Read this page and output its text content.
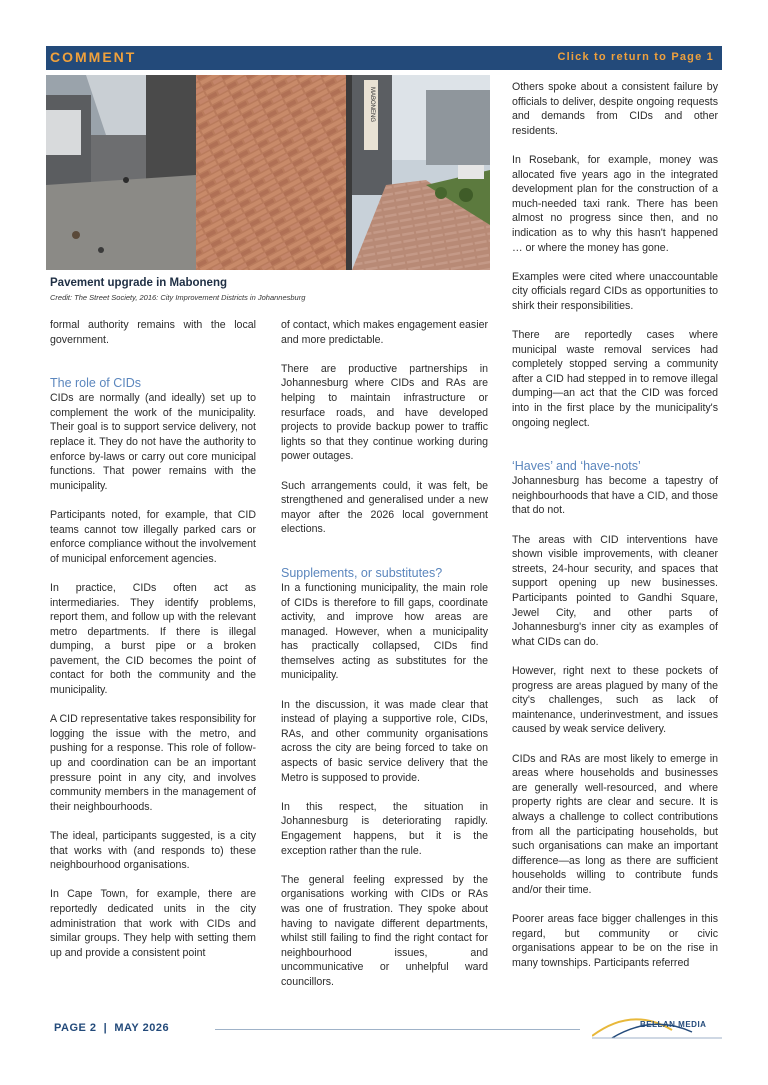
COMMENT	Click to return to Page 1
MABONENG
Pavement upgrade in Maboneng
Credit: The Street Society, 2016: City Improvement Districts in Johannesburg

formal authority remains with the local government.

The role of CIDs

CIDs are normally (and ideally) set up to complement the work of the municipality. Their goal is to support service delivery, not replace it. They do not have the authority to enforce by-laws or carry out core municipal functions. That power remains with the municipality.

Participants noted, for example, that CID teams cannot tow illegally parked cars or enforce compliance without the involvement of municipal enforcement agencies.

In practice, CIDs often act as intermediaries. They identify problems, report them, and follow up with the relevant metro departments. If there is illegal dumping, a burst pipe or a broken pavement, the CID becomes the point of contact for both the community and the municipality.

A CID representative takes responsibility for logging the issue with the metro, and pushing for a response. This role of follow-up and coordination can be an important pressure point in any city, and involves community members in the management of their neighbourhoods.

The ideal, participants suggested, is a city that works with (and responds to) these neighbourhood organisations.

In Cape Town, for example, there are reportedly dedicated units in the city administration that work with CIDs and similar groups. They help with setting them up and provide a consistent point

of contact, which makes engagement easier and more predictable.

There are productive partnerships in Johannesburg where CIDs and RAs are helping to maintain infrastructure or resurface roads, and have developed projects to provide backup power to traffic lights so that they continue working during power outages.

Such arrangements could, it was felt, be strengthened and generalised under a new mayor after the 2026 local government elections.

Supplements, or substitutes?

In a functioning municipality, the main role of CIDs is therefore to fill gaps, coordinate activity, and improve how areas are managed. However, when a municipality has practically collapsed, CIDs find themselves acting as substitutes for the municipality.

In the discussion, it was made clear that instead of playing a supportive role, CIDs, RAs, and other community organisations across the city are being forced to take on aspects of basic service delivery that the Metro is supposed to provide.

In this respect, the situation in Johannesburg is deteriorating rapidly. Engagement happens, but it is the exception rather than the rule.

The general feeling expressed by the organisations working with CIDs or RAs was one of frustration. They spoke about having to navigate different departments, whilst still failing to find the right contact for neighbourhood issues, and uncommunicative or unhelpful ward councillors.

Others spoke about a consistent failure by officials to deliver, despite ongoing requests and demands from CIDs and other residents.

In Rosebank, for example, money was allocated five years ago in the integrated development plan for the construction of a much-needed taxi rank. There has been almost no progress since then, and no indication as to why this hasn't happened … or where the money has gone.

Examples were cited where unaccountable city officials regard CIDs as opportunities to shirk their responsibilities.

There are reportedly cases where municipal waste removal services had completely stopped serving a community after a CID had stepped in to remove illegal dumping—an act that the CID was forced into in the first place by the municipality's ongoing neglect.

‘Haves’ and ‘have-nots’

Johannesburg has become a tapestry of neighbourhoods that have a CID, and those that do not.

The areas with CID interventions have shown visible improvements, with cleaner streets, 24-hour security, and spaces that support opening up new businesses. Participants pointed to Gandhi Square, Jewel City, and other parts of Johannesburg's inner city as examples of what CIDs can do.

However, right next to these pockets of progress are areas plagued by many of the city's challenges, such as lack of maintenance, underinvestment, and issues caused by weak service delivery.

CIDs and RAs are most likely to emerge in areas where households and businesses are generally well-resourced, and where property rights are clear and secure. It is always a challenge to collect contributions from all the participating households, but such organisations can make an important difference—as long as there are sufficient households willing to contribute funds and/or their time.

Poorer areas face bigger challenges in this regard, but community or civic organisations appear to be on the rise in many townships. Participants referred

PAGE 2  |  MAY 2026	BELLAN MEDIA
